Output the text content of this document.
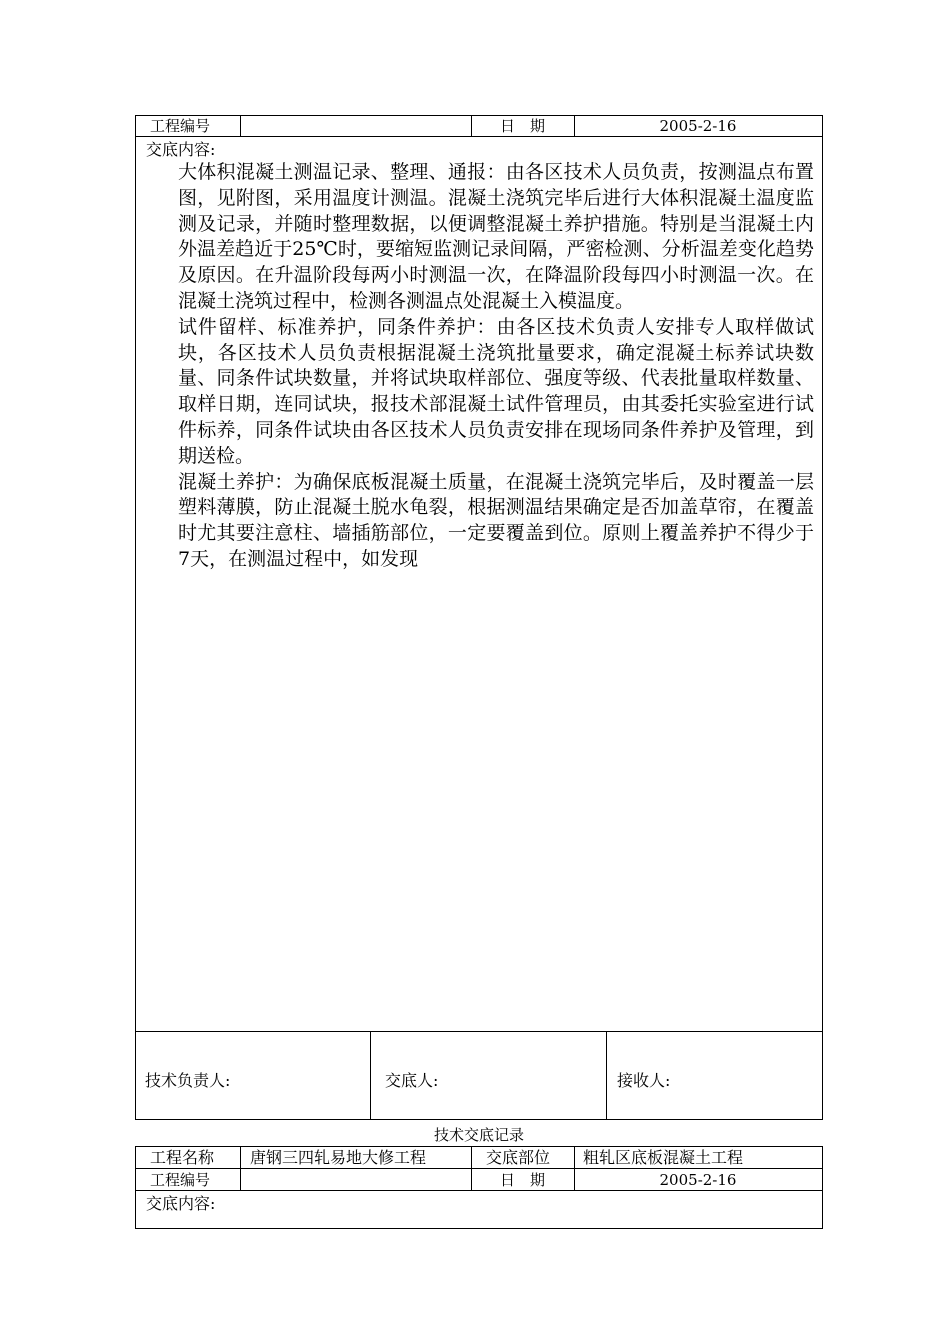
工程编号	日　期	2005-2-16
交底内容:

大体积混凝土测温记录、整理、通报：由各区技术人员负责，按测温点布置图，见附图，采用温度计测温。混凝土浇筑完毕后进行大体积混凝土温度监测及记录，并随时整理数据，以便调整混凝土养护措施。特别是当混凝土内外温差趋近于25℃时，要缩短监测记录间隔，严密检测、分析温差变化趋势及原因。在升温阶段每两小时测温一次，在降温阶段每四小时测温一次。在混凝土浇筑过程中，检测各测温点处混凝土入模温度。

试件留样、标准养护，同条件养护：由各区技术负责人安排专人取样做试块，各区技术人员负责根据混凝土浇筑批量要求，确定混凝土标养试块数量、同条件试块数量，并将试块取样部位、强度等级、代表批量取样数量、取样日期，连同试块，报技术部混凝土试件管理员，由其委托实验室进行试件标养，同条件试块由各区技术人员负责安排在现场同条件养护及管理，到期送检。

混凝土养护：为确保底板混凝土质量，在混凝土浇筑完毕后，及时覆盖一层塑料薄膜，防止混凝土脱水龟裂，根据测温结果确定是否加盖草帘，在覆盖时尤其要注意柱、墙插筋部位，一定要覆盖到位。原则上覆盖养护不得少于7天，在测温过程中，如发现

技术负责人:	交底人:	接收人:
技术交底记录
工程名称 唐钢三四轧易地大修工程	交底部位 粗轧区底板混凝土工程
工程编号	日　期	2005-2-16
交底内容:
